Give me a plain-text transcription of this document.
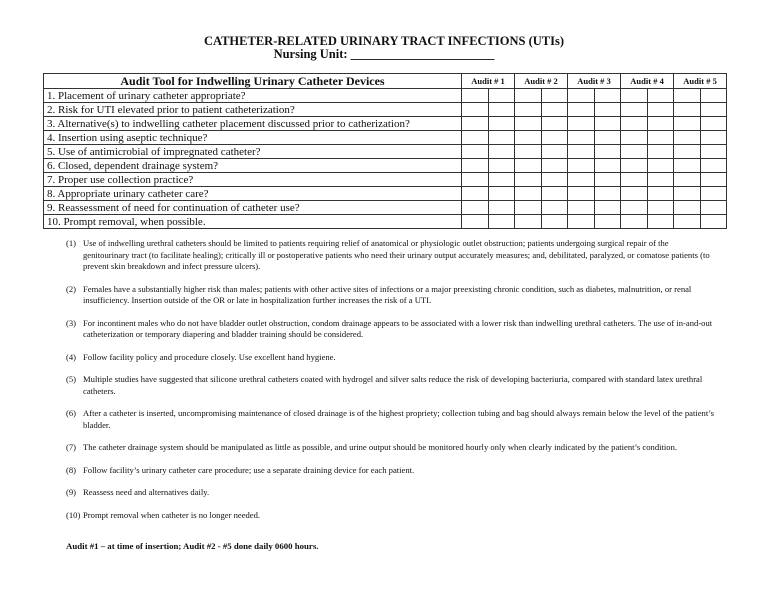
CATHETER-RELATED URINARY TRACT INFECTIONS (UTIs)
Nursing Unit: _______________________
Audit Tool for Indwelling Urinary Catheter Devices	Audit # 1		Audit # 2		Audit # 3		Audit # 4		Audit # 5	
1. Placement of urinary catheter appropriate?										
2. Risk for UTI elevated prior to patient catheterization?										
3. Alternative(s) to indwelling catheter placement discussed prior to catherization?										
4. Insertion using aseptic technique?										
5. Use of antimicrobial of impregnated catheter?										
6. Closed, dependent drainage system?										
7. Proper use collection practice?										
8. Appropriate urinary catheter care?										
9. Reassessment of need for continuation of catheter use?										
10. Prompt removal, when possible.										
(1) Use of indwelling urethral catheters should be limited to patients requiring relief of anatomical or physiologic outlet obstruction; patients undergoing surgical repair of the genitourinary tract (to facilitate healing); critically ill or postoperative patients who need their urinary output accurately measures; and, debilitated, paralyzed, or comatose patients (to prevent skin breakdown and infect pressure ulcers).
(2) Females have a substantially higher risk than males; patients with other active sites of infections or a major preexisting chronic condition, such as diabetes, malnutrition, or renal insufficiency. Insertion outside of the OR or late in hospitalization further increases the risk of a UTI.
(3) For incontinent males who do not have bladder outlet obstruction, condom drainage appears to be associated with a lower risk than indwelling urethral catheters. The use of in-and-out catheterization or temporary diapering and bladder training should be considered.
(4) Follow facility policy and procedure closely. Use excellent hand hygiene.
(5) Multiple studies have suggested that silicone urethral catheters coated with hydrogel and silver salts reduce the risk of developing bacteriuria, compared with standard latex urethral catheters.
(6) After a catheter is inserted, uncompromising maintenance of closed drainage is of the highest propriety; collection tubing and bag should always remain below the level of the patient’s bladder.
(7) The catheter drainage system should be manipulated as little as possible, and urine output should be monitored hourly only when clearly indicated by the patient’s condition.
(8) Follow facility’s urinary catheter care procedure; use a separate draining device for each patient.
(9) Reassess need and alternatives daily.
(10) Prompt removal when catheter is no longer needed.
Audit #1 – at time of insertion; Audit #2 - #5 done daily 0600 hours.
